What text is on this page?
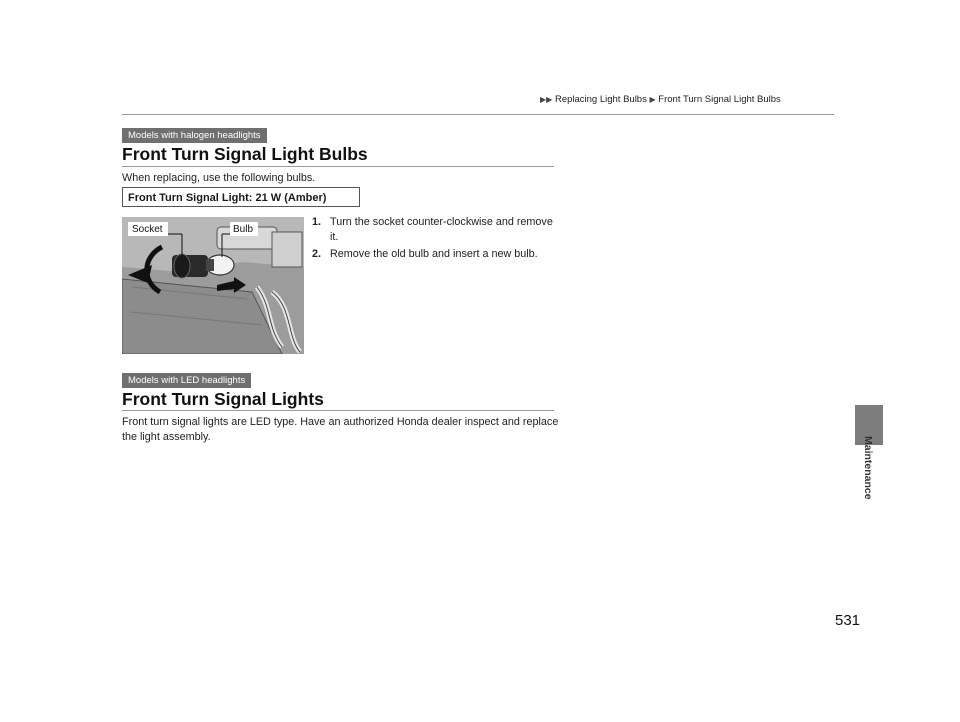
▶▶ Replacing Light Bulbs ▶ Front Turn Signal Light Bulbs
Models with halogen headlights
Front Turn Signal Light Bulbs
When replacing, use the following bulbs.
Front Turn Signal Light: 21 W (Amber)
Socket	Bulb
1. Turn the socket counter-clockwise and remove it.
2. Remove the old bulb and insert a new bulb.
Models with LED headlights
Front Turn Signal Lights
Front turn signal lights are LED type. Have an authorized Honda dealer inspect and replace the light assembly.	Maintenance
531
